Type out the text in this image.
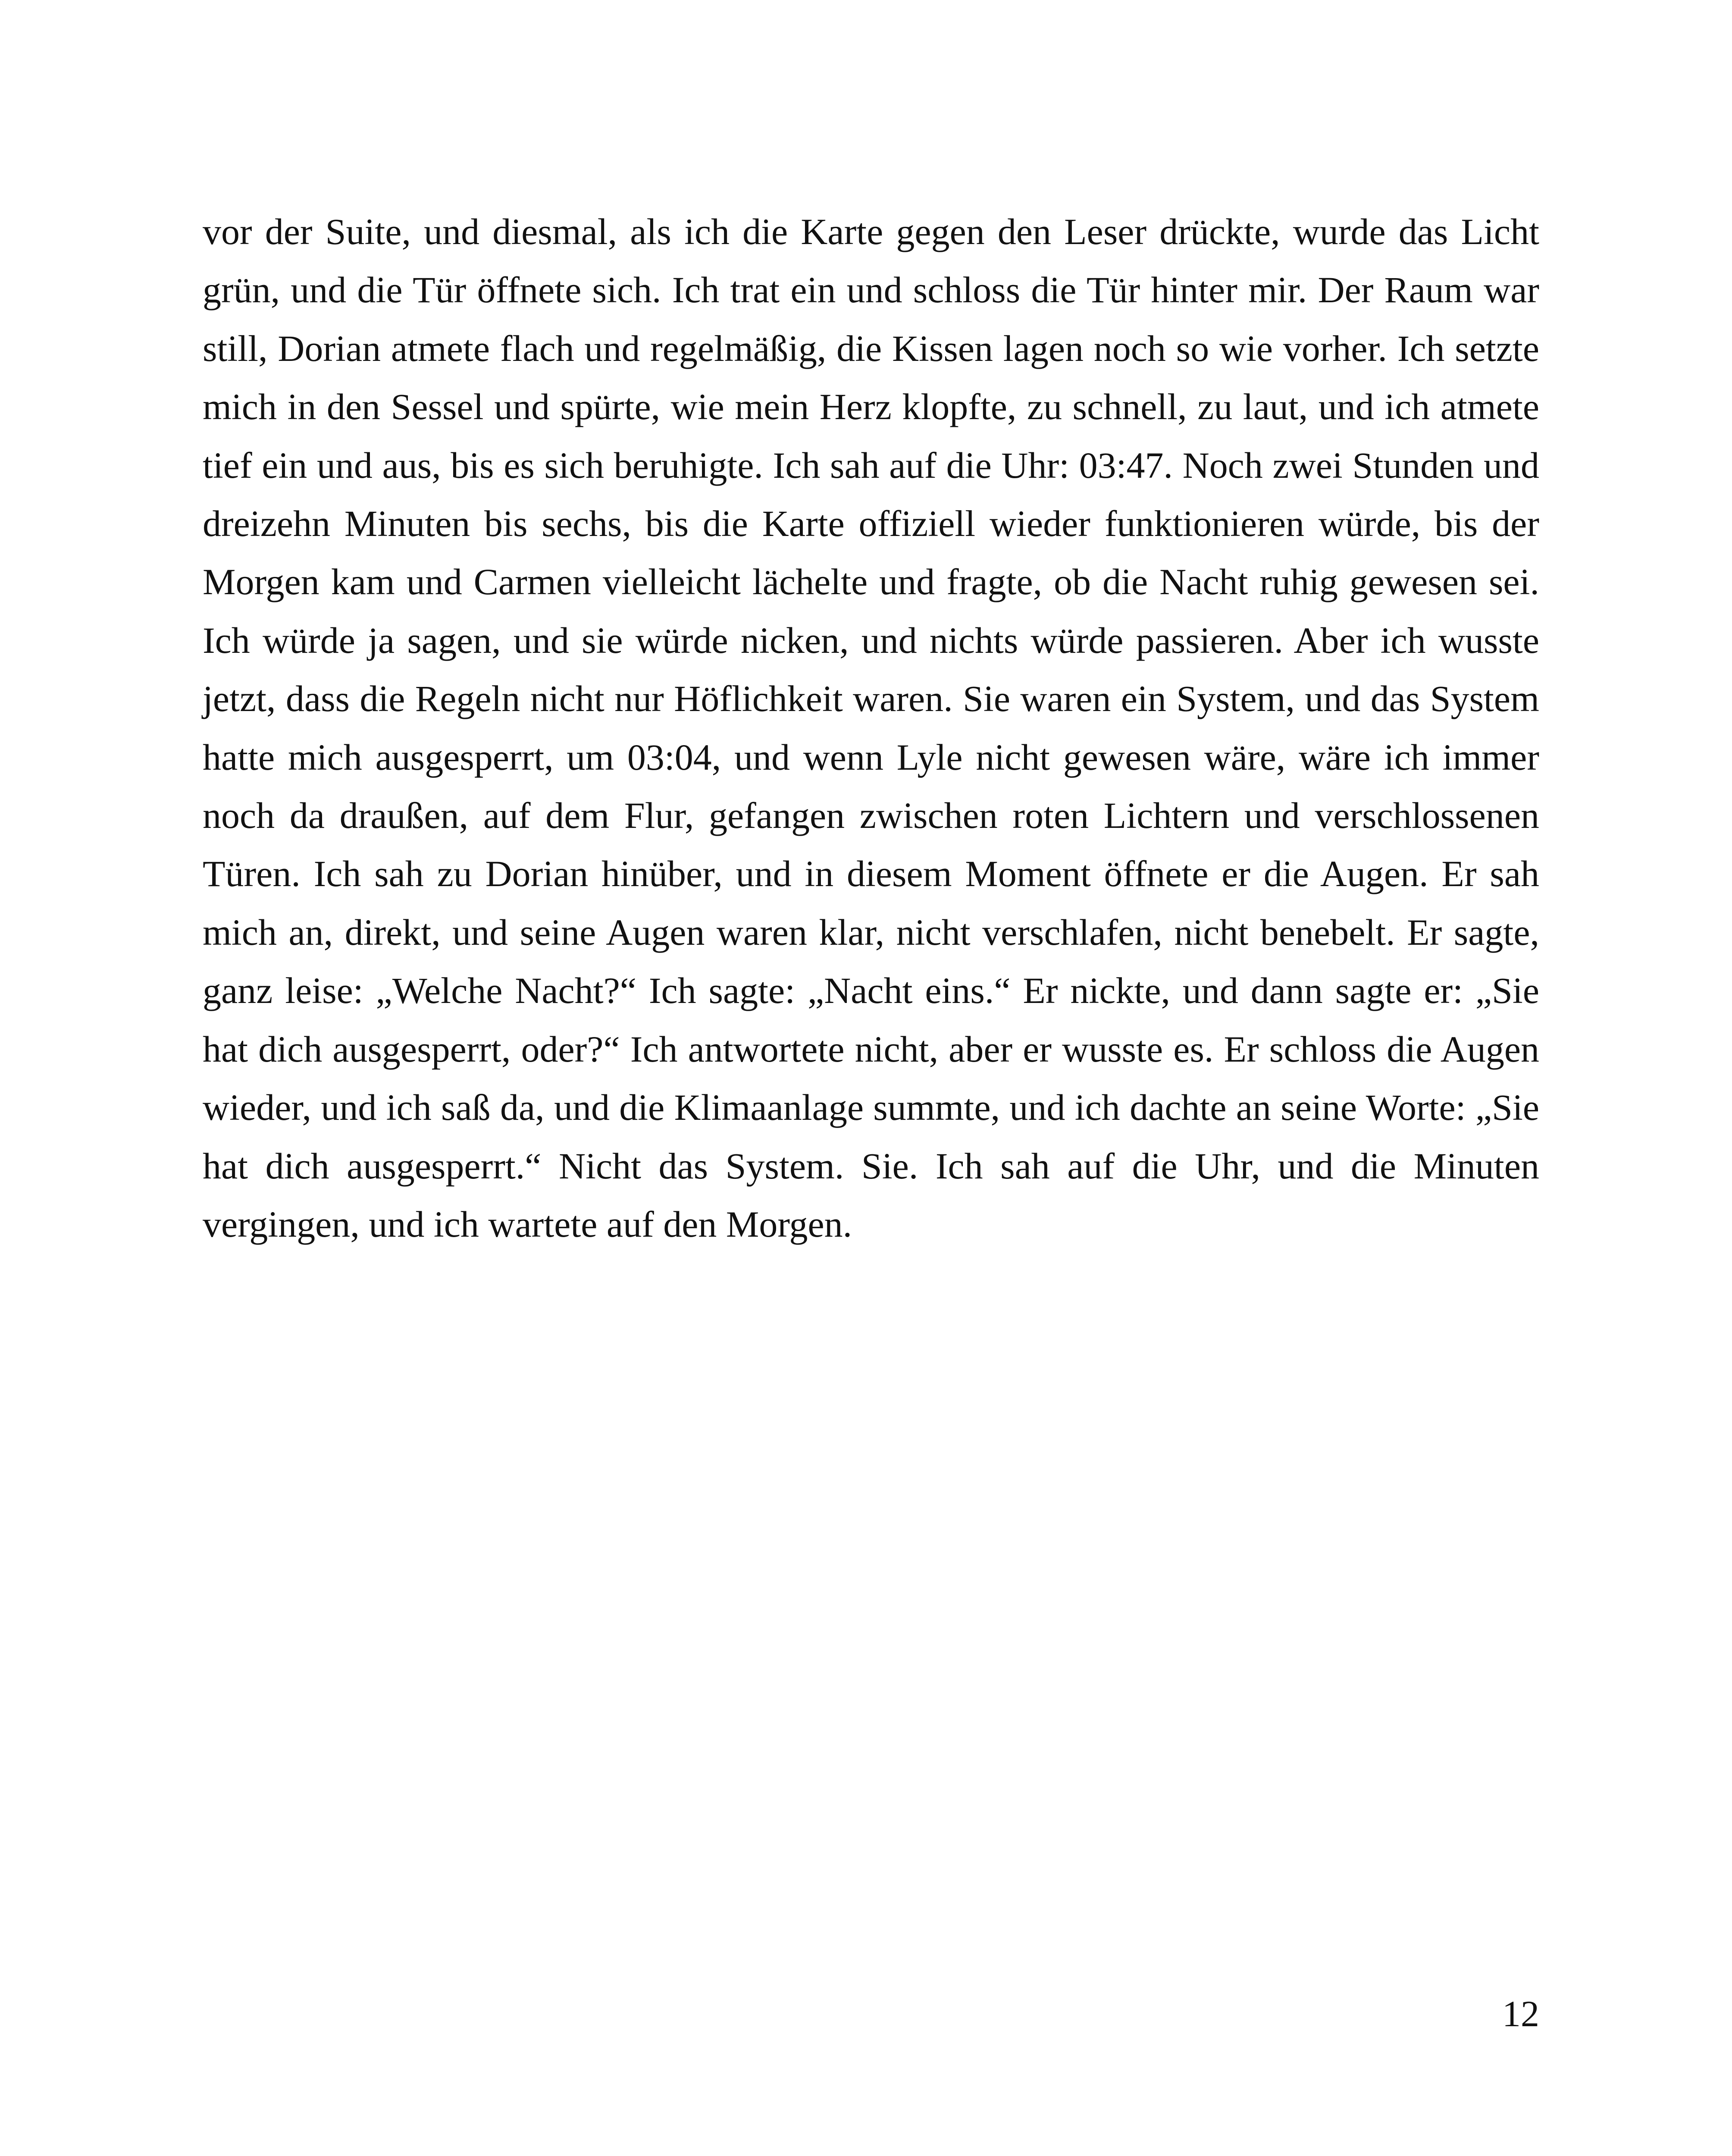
vor der Suite, und diesmal, als ich die Karte gegen den Leser drückte, wurde das Licht grün, und die Tür öffnete sich. Ich trat ein und schloss die Tür hinter mir. Der Raum war still, Dorian atmete flach und regelmäßig, die Kissen lagen noch so wie vorher. Ich setzte mich in den Sessel und spürte, wie mein Herz klopfte, zu schnell, zu laut, und ich atmete tief ein und aus, bis es sich beruhigte. Ich sah auf die Uhr: 03:47. Noch zwei Stunden und dreizehn Minuten bis sechs, bis die Karte offiziell wieder funktionieren würde, bis der Morgen kam und Carmen vielleicht lächelte und fragte, ob die Nacht ruhig gewesen sei. Ich würde ja sagen, und sie würde nicken, und nichts würde passieren. Aber ich wusste jetzt, dass die Regeln nicht nur Höflichkeit waren. Sie waren ein System, und das System hatte mich ausgesperrt, um 03:04, und wenn Lyle nicht gewesen wäre, wäre ich immer noch da draußen, auf dem Flur, gefangen zwischen roten Lichtern und verschlossenen Türen. Ich sah zu Dorian hinüber, und in diesem Moment öffnete er die Augen. Er sah mich an, direkt, und seine Augen waren klar, nicht verschlafen, nicht benebelt. Er sagte, ganz leise: „Welche Nacht?“ Ich sagte: „Nacht eins.“ Er nickte, und dann sagte er: „Sie hat dich ausgesperrt, oder?“ Ich antwortete nicht, aber er wusste es. Er schloss die Augen wieder, und ich saß da, und die Klimaanlage summte, und ich dachte an seine Worte: „Sie hat dich ausgesperrt.“ Nicht das System. Sie. Ich sah auf die Uhr, und die Minuten vergingen, und ich wartete auf den Morgen.

12
